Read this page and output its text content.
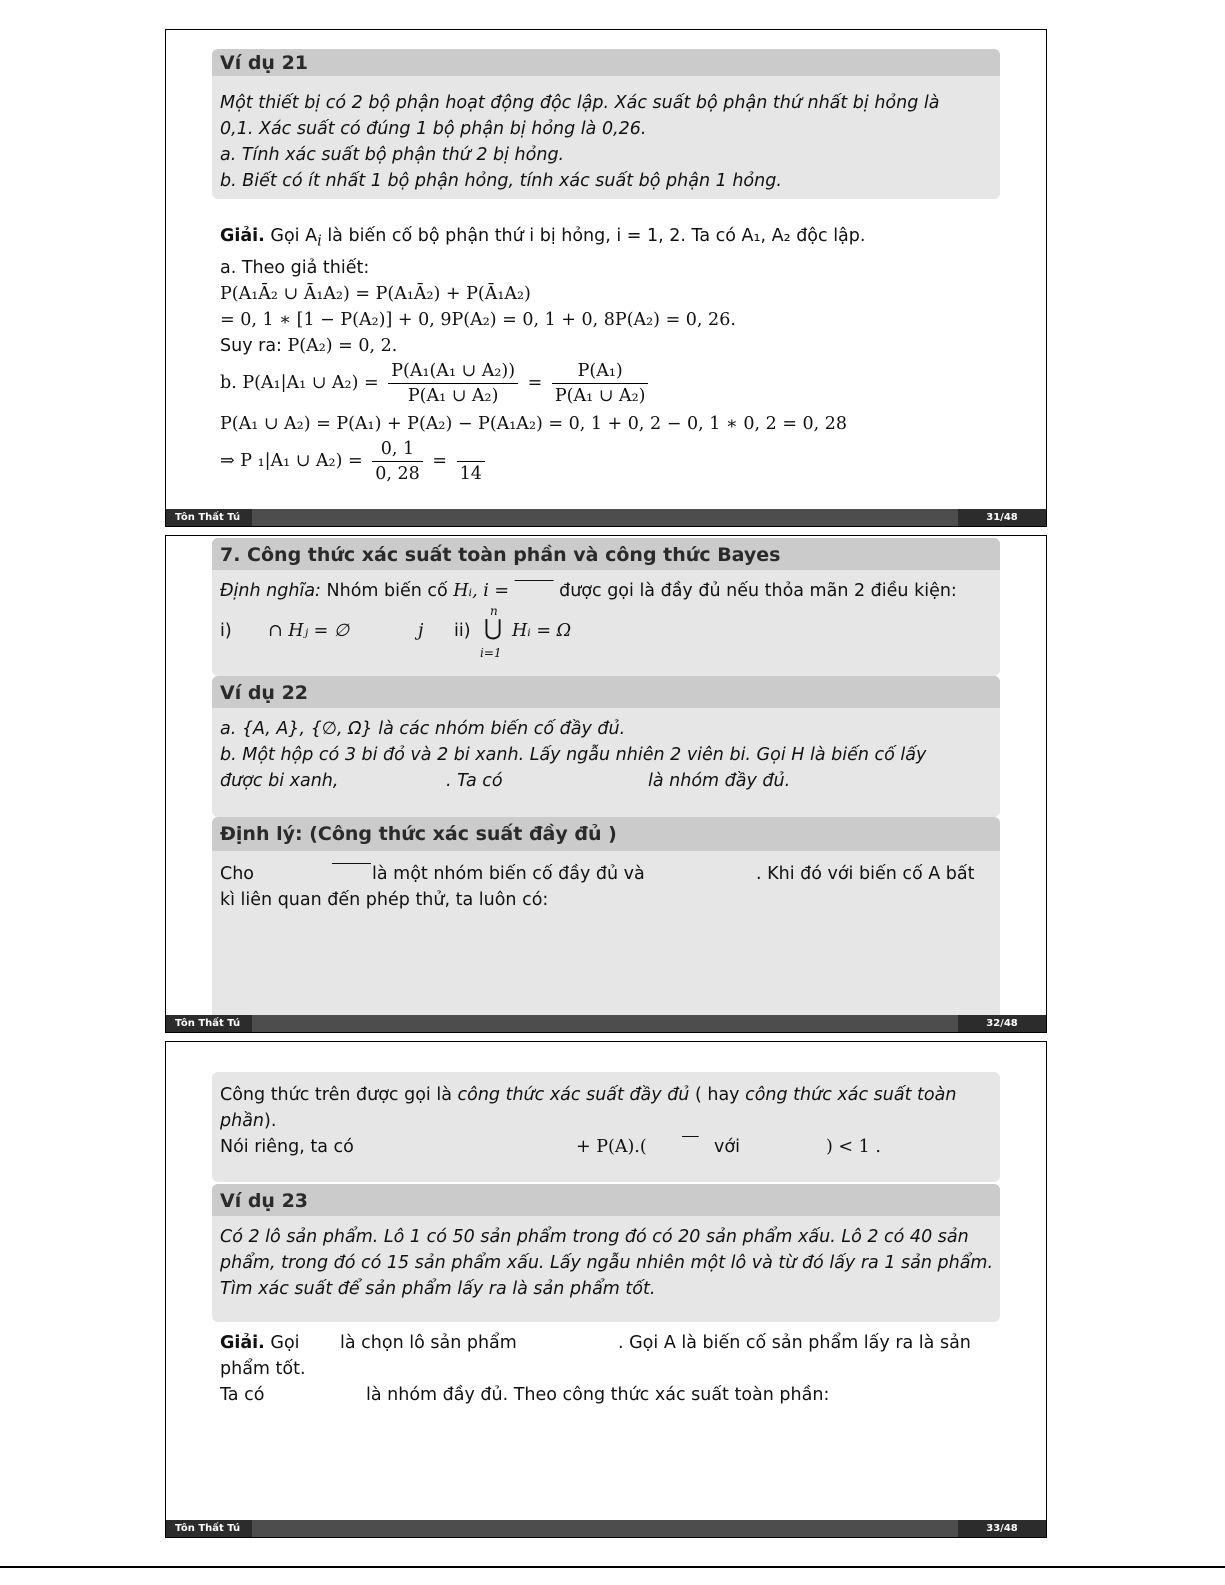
Ví dụ 21
Một thiết bị có 2 bộ phận hoạt động độc lập. Xác suất bộ phận thứ nhất bị hỏng là
0,1. Xác suất có đúng 1 bộ phận bị hỏng là 0,26.
a. Tính xác suất bộ phận thứ 2 bị hỏng.
b. Biết có ít nhất 1 bộ phận hỏng, tính xác suất bộ phận 1 hỏng.
Giải. Gọi $A_i$ là biến cố bộ phận thứ i bị hỏng, i = 1, 2. Ta có A₁, A₂ độc lập.
a. Theo giả thiết:
P(A₁Ā₂ ∪ Ā₁A₂) = P(A₁Ā₂) + P(Ā₁A₂)
= 0, 1 ∗ [1 − P(A₂)] + 0, 9P(A₂) = 0, 1 + 0, 8P(A₂) = 0, 26.
Suy ra: P(A₂) = 0, 2.
b. P(A₁|A₁ ∪ $A_2) = \frac{\text{P(A₁(A₁ ∪ A₂))}}{\text{P(A₁ ∪ A₂)}} = \frac{\text{P(A₁)}}{\text{P(A₁ ∪ A₂)}}$
P(A₁ ∪ A₂) = P(A₁) + P(A₂) − P(A₁A₂) = 0, 1 + 0, 2 − 0, 1 ∗ 0, 2 = 0, 28
⇒ P ₁|A₁ ∪ $A_2) = \frac{0, 1}{0, 28}$ =

14
Tôn Thất Tú	31/48
7. Công thức xác suất toàn phần và công thức Bayes
Định nghĩa: Nhóm biến cố Hᵢ, i =         được gọi là đầy đủ nếu thỏa mãn 2 điều kiện:
i) ∩ Hⱼ = ∅	j ii)
n
⋃
i=1
Hᵢ = Ω
Ví dụ 22
a. {A, A}, {∅, Ω} là các nhóm biến cố đầy đủ.
b. Một hộp có 3 bi đỏ và 2 bi xanh. Lấy ngẫu nhiên 2 viên bi. Gọi H là biến cố lấy
được bi xanh,	. Ta có	là nhóm đầy đủ.
Định lý: (Công thức xác suất đầy đủ )
Cho
	là một nhóm biến cố đầy đủ và	. Khi đó với biến cố A bất
kì liên quan đến phép thử, ta luôn có:
Tôn Thất Tú	32/48
Công thức trên được gọi là công thức xác suất đầy đủ ( hay công thức xác suất toàn
phần).
Nói riêng, ta có	+ P(A).(
	với	) < 1 .
Ví dụ 23
Có 2 lô sản phẩm. Lô 1 có 50 sản phẩm trong đó có 20 sản phẩm xấu. Lô 2 có 40 sản
phẩm, trong đó có 15 sản phẩm xấu. Lấy ngẫu nhiên một lô và từ đó lấy ra 1 sản phẩm.
Tìm xác suất để sản phẩm lấy ra là sản phẩm tốt.
Giải. Gọi là chọn lô sản phẩm	. Gọi A là biến cố sản phẩm lấy ra là sản
phẩm tốt.
Ta có	là nhóm đầy đủ. Theo công thức xác suất toàn phần:
Tôn Thất Tú	33/48
